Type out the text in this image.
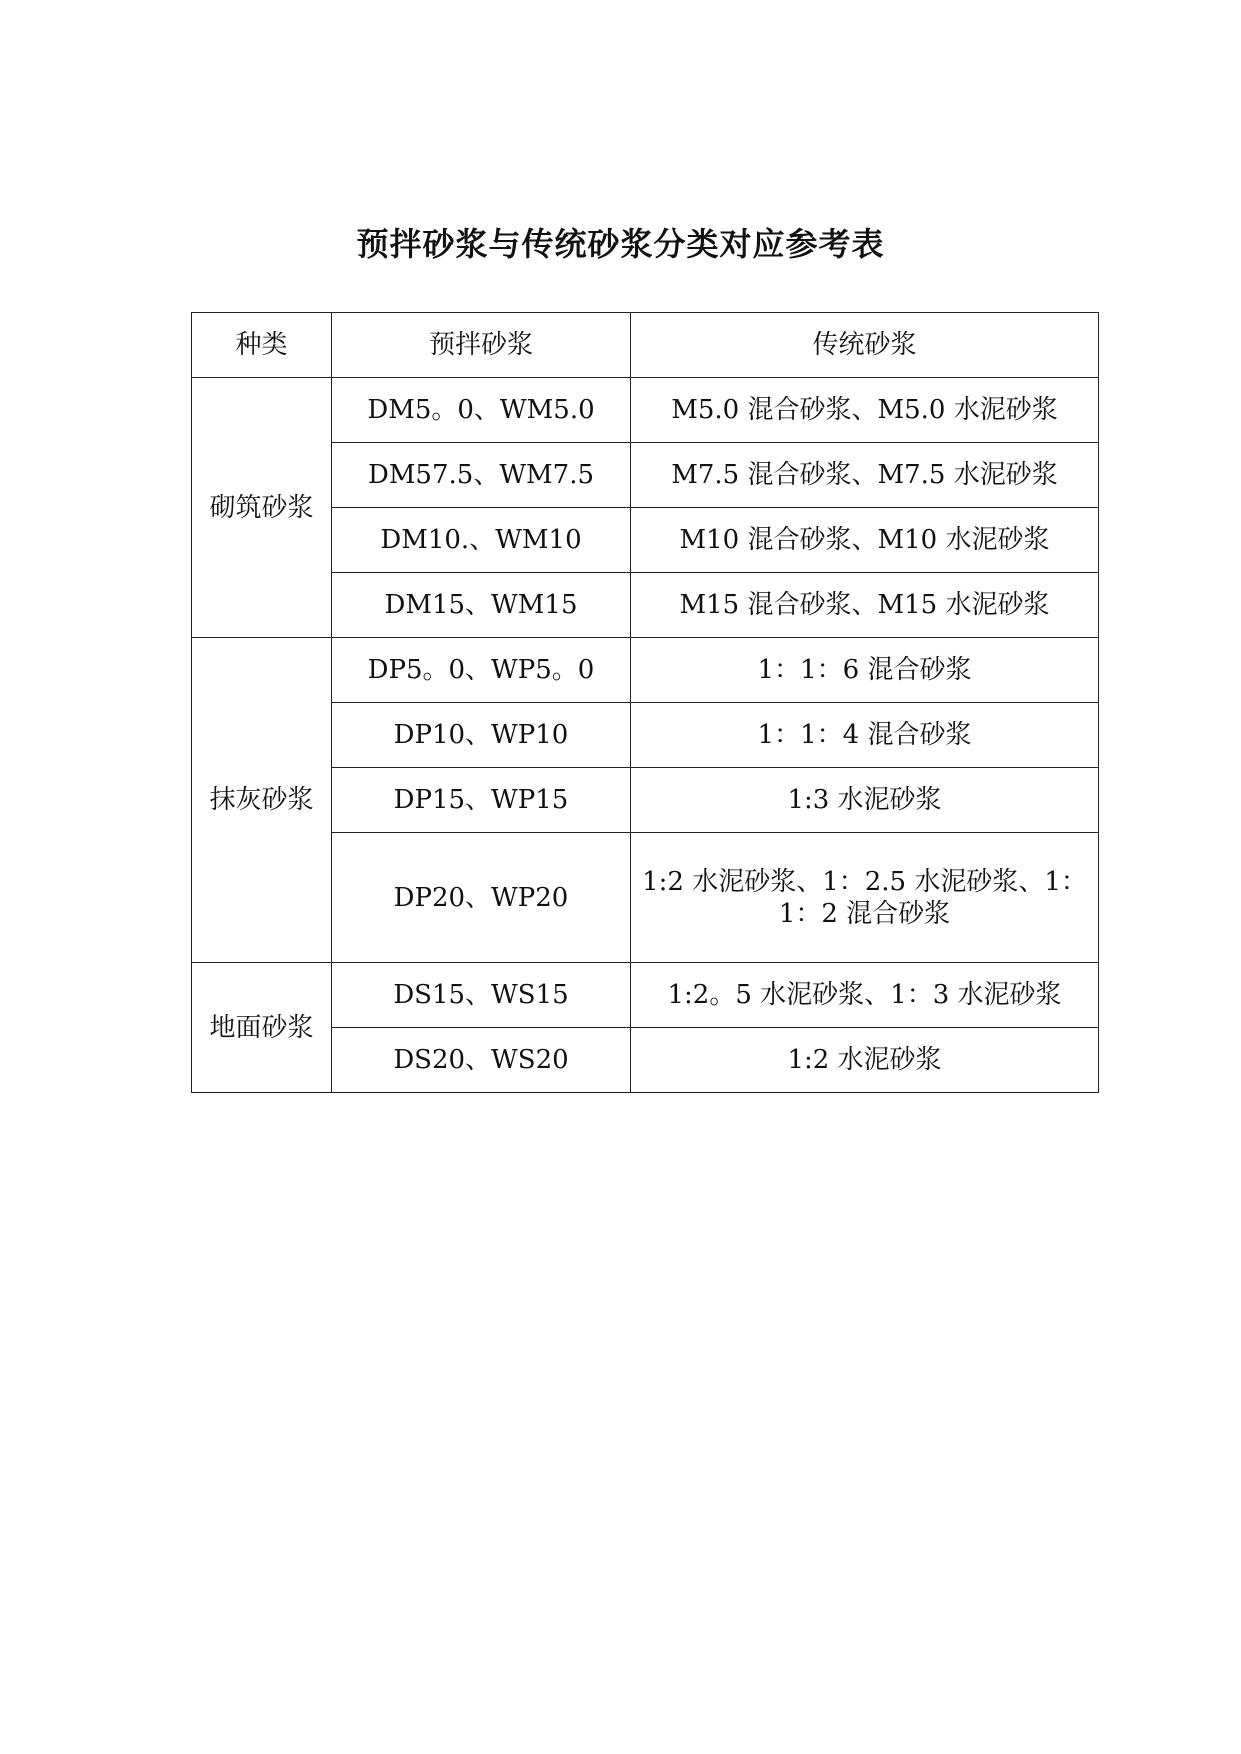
预拌砂浆与传统砂浆分类对应参考表
种类	预拌砂浆	传统砂浆
砌筑砂浆	DM5。0、WM5.0	M5.0 混合砂浆、M5.0 水泥砂浆
	DM57.5、WM7.5	M7.5 混合砂浆、M7.5 水泥砂浆
	DM10.、WM10	M10 混合砂浆、M10 水泥砂浆
	DM15、WM15	M15 混合砂浆、M15 水泥砂浆
抹灰砂浆	DP5。0、WP5。0	1：1：6 混合砂浆
	DP10、WP10	1：1：4 混合砂浆
	DP15、WP15	1:3 水泥砂浆
	DP20、WP20	1:2 水泥砂浆、1：2.5 水泥砂浆、1：1：2 混合砂浆
地面砂浆	DS15、WS15	1:2。5 水泥砂浆、1：3 水泥砂浆
	DS20、WS20	1:2 水泥砂浆
